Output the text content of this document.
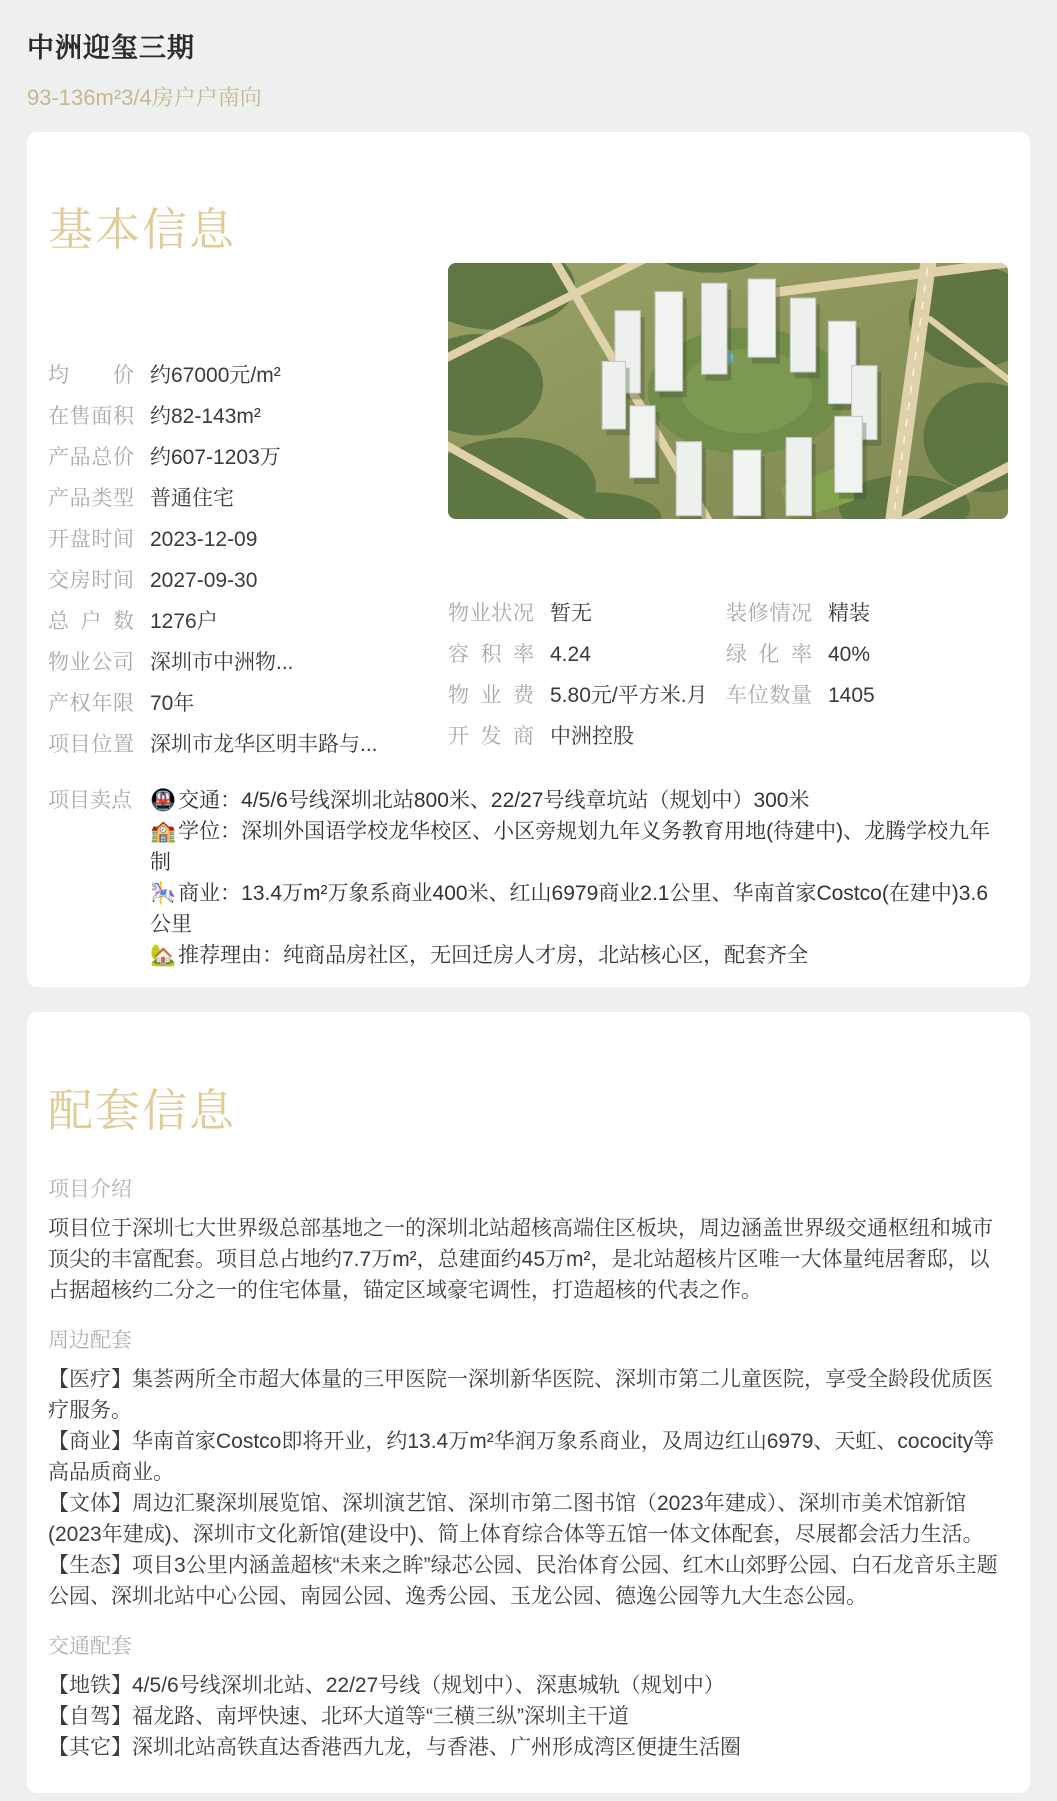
中洲迎玺三期
93-136m²3/4房户户南向
基本信息
均价 约67000元/m²
在售面积 约82-143m²
产品总价 约607-1203万
产品类型 普通住宅
开盘时间 2023-12-09
交房时间 2027-09-30
总户数 1276户
物业公司 深圳市中洲物...
产权年限 70年
项目位置 深圳市龙华区明丰路与...
物业状况 暂无	装修情况 精装
容积率 4.24	绿化率 40%
物业费 5.80元/平方米.月 车位数量 1405
开发商 中洲控股
项目卖点 🚇交通：4/5/6号线深圳北站800米、22/27号线章坑站（规划中）300米
🏫学位：深圳外国语学校龙华校区、小区旁规划九年义务教育用地(待建中)、龙腾学校九年制
🎠商业：13.4万m²万象系商业400米、红山6979商业2.1公里、华南首家Costco(在建中)3.6公里
🏡推荐理由：纯商品房社区，无回迁房人才房，北站核心区，配套齐全
配套信息
项目介绍

项目位于深圳七大世界级总部基地之一的深圳北站超核高端住区板块，周边涵盖世界级交通枢纽和城市顶尖的丰富配套。项目总占地约7.7万m²，总建面约45万m²，是北站超核片区唯一大体量纯居奢邸，以占据超核约二分之一的住宅体量，锚定区域豪宅调性，打造超核的代表之作。

周边配套

【医疗】集荟两所全市超大体量的三甲医院一深圳新华医院、深圳市第二儿童医院，享受全龄段优质医疗服务。

【商业】华南首家Costco即将开业，约13.4万m²华润万象系商业，及周边红山6979、天虹、cococity等高品质商业。

【文体】周边汇聚深圳展览馆、深圳演艺馆、深圳市第二图书馆（2023年建成）、深圳市美术馆新馆(2023年建成)、深圳市文化新馆(建设中)、简上体育综合体等五馆一体文体配套，尽展都会活力生活。

【生态】项目3公里内涵盖超核“未来之眸”绿芯公园、民治体育公园、红木山郊野公园、白石龙音乐主题公园、深圳北站中心公园、南园公园、逸秀公园、玉龙公园、德逸公园等九大生态公园。

交通配套

【地铁】4/5/6号线深圳北站、22/27号线（规划中）、深惠城轨（规划中）

【自驾】福龙路、南坪快速、北环大道等“三横三纵”深圳主干道

【其它】深圳北站高铁直达香港西九龙，与香港、广州形成湾区便捷生活圈
